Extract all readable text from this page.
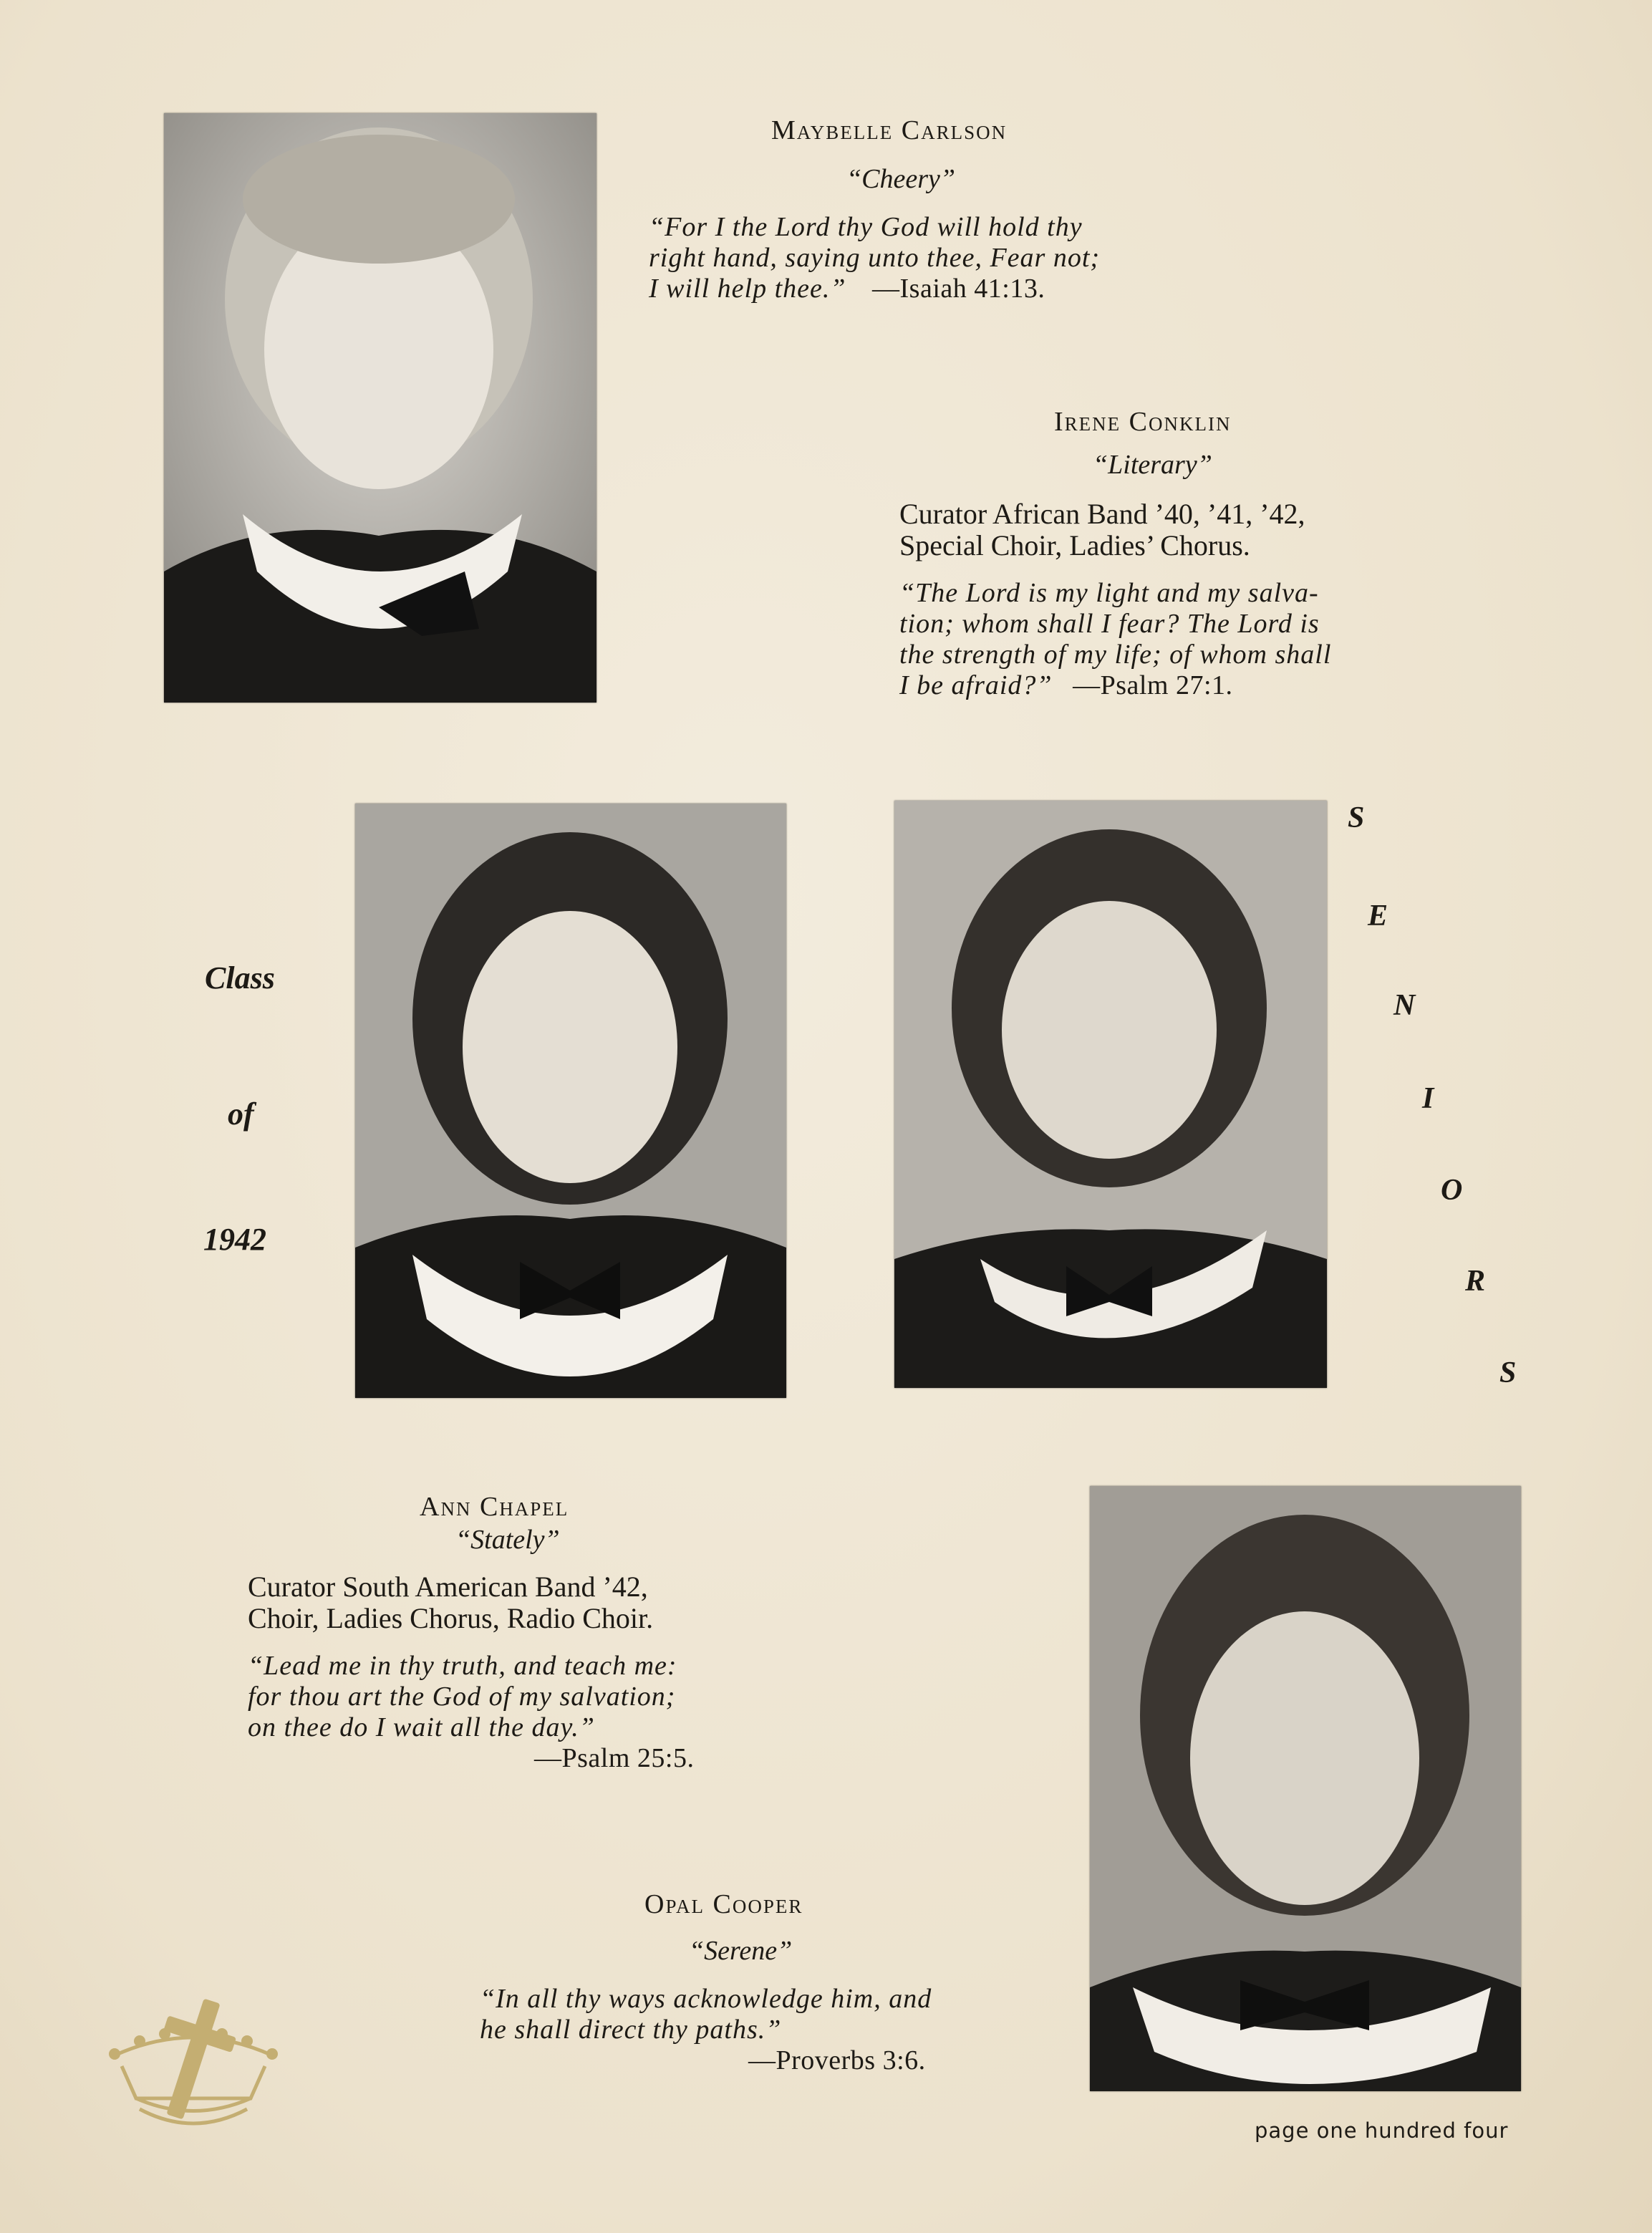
Maybelle Carlson
“Cheery”
“For I the Lord thy God will hold thy
right hand, saying unto thee, Fear not;
I will help thee.” —Isaiah 41:13.
Irene Conklin
“Literary”
Curator African Band ’40, ’41, ’42,
Special Choir, Ladies’ Chorus.
“The Lord is my light and my salva-
tion; whom shall I fear? The Lord is
the strength of my life; of whom shall
I be afraid?” —Psalm 27:1.
Class
of
1942
S
E
N
I
O
R
S
Ann Chapel
“Stately”
Curator South American Band ’42,
Choir, Ladies Chorus, Radio Choir.
“Lead me in thy truth, and teach me:
for thou art the God of my salvation;
on thee do I wait all the day.”
—Psalm 25:5.
Opal Cooper
“Serene”
“In all thy ways acknowledge him, and
he shall direct thy paths.”
—Proverbs 3:6.
page one hundred four
